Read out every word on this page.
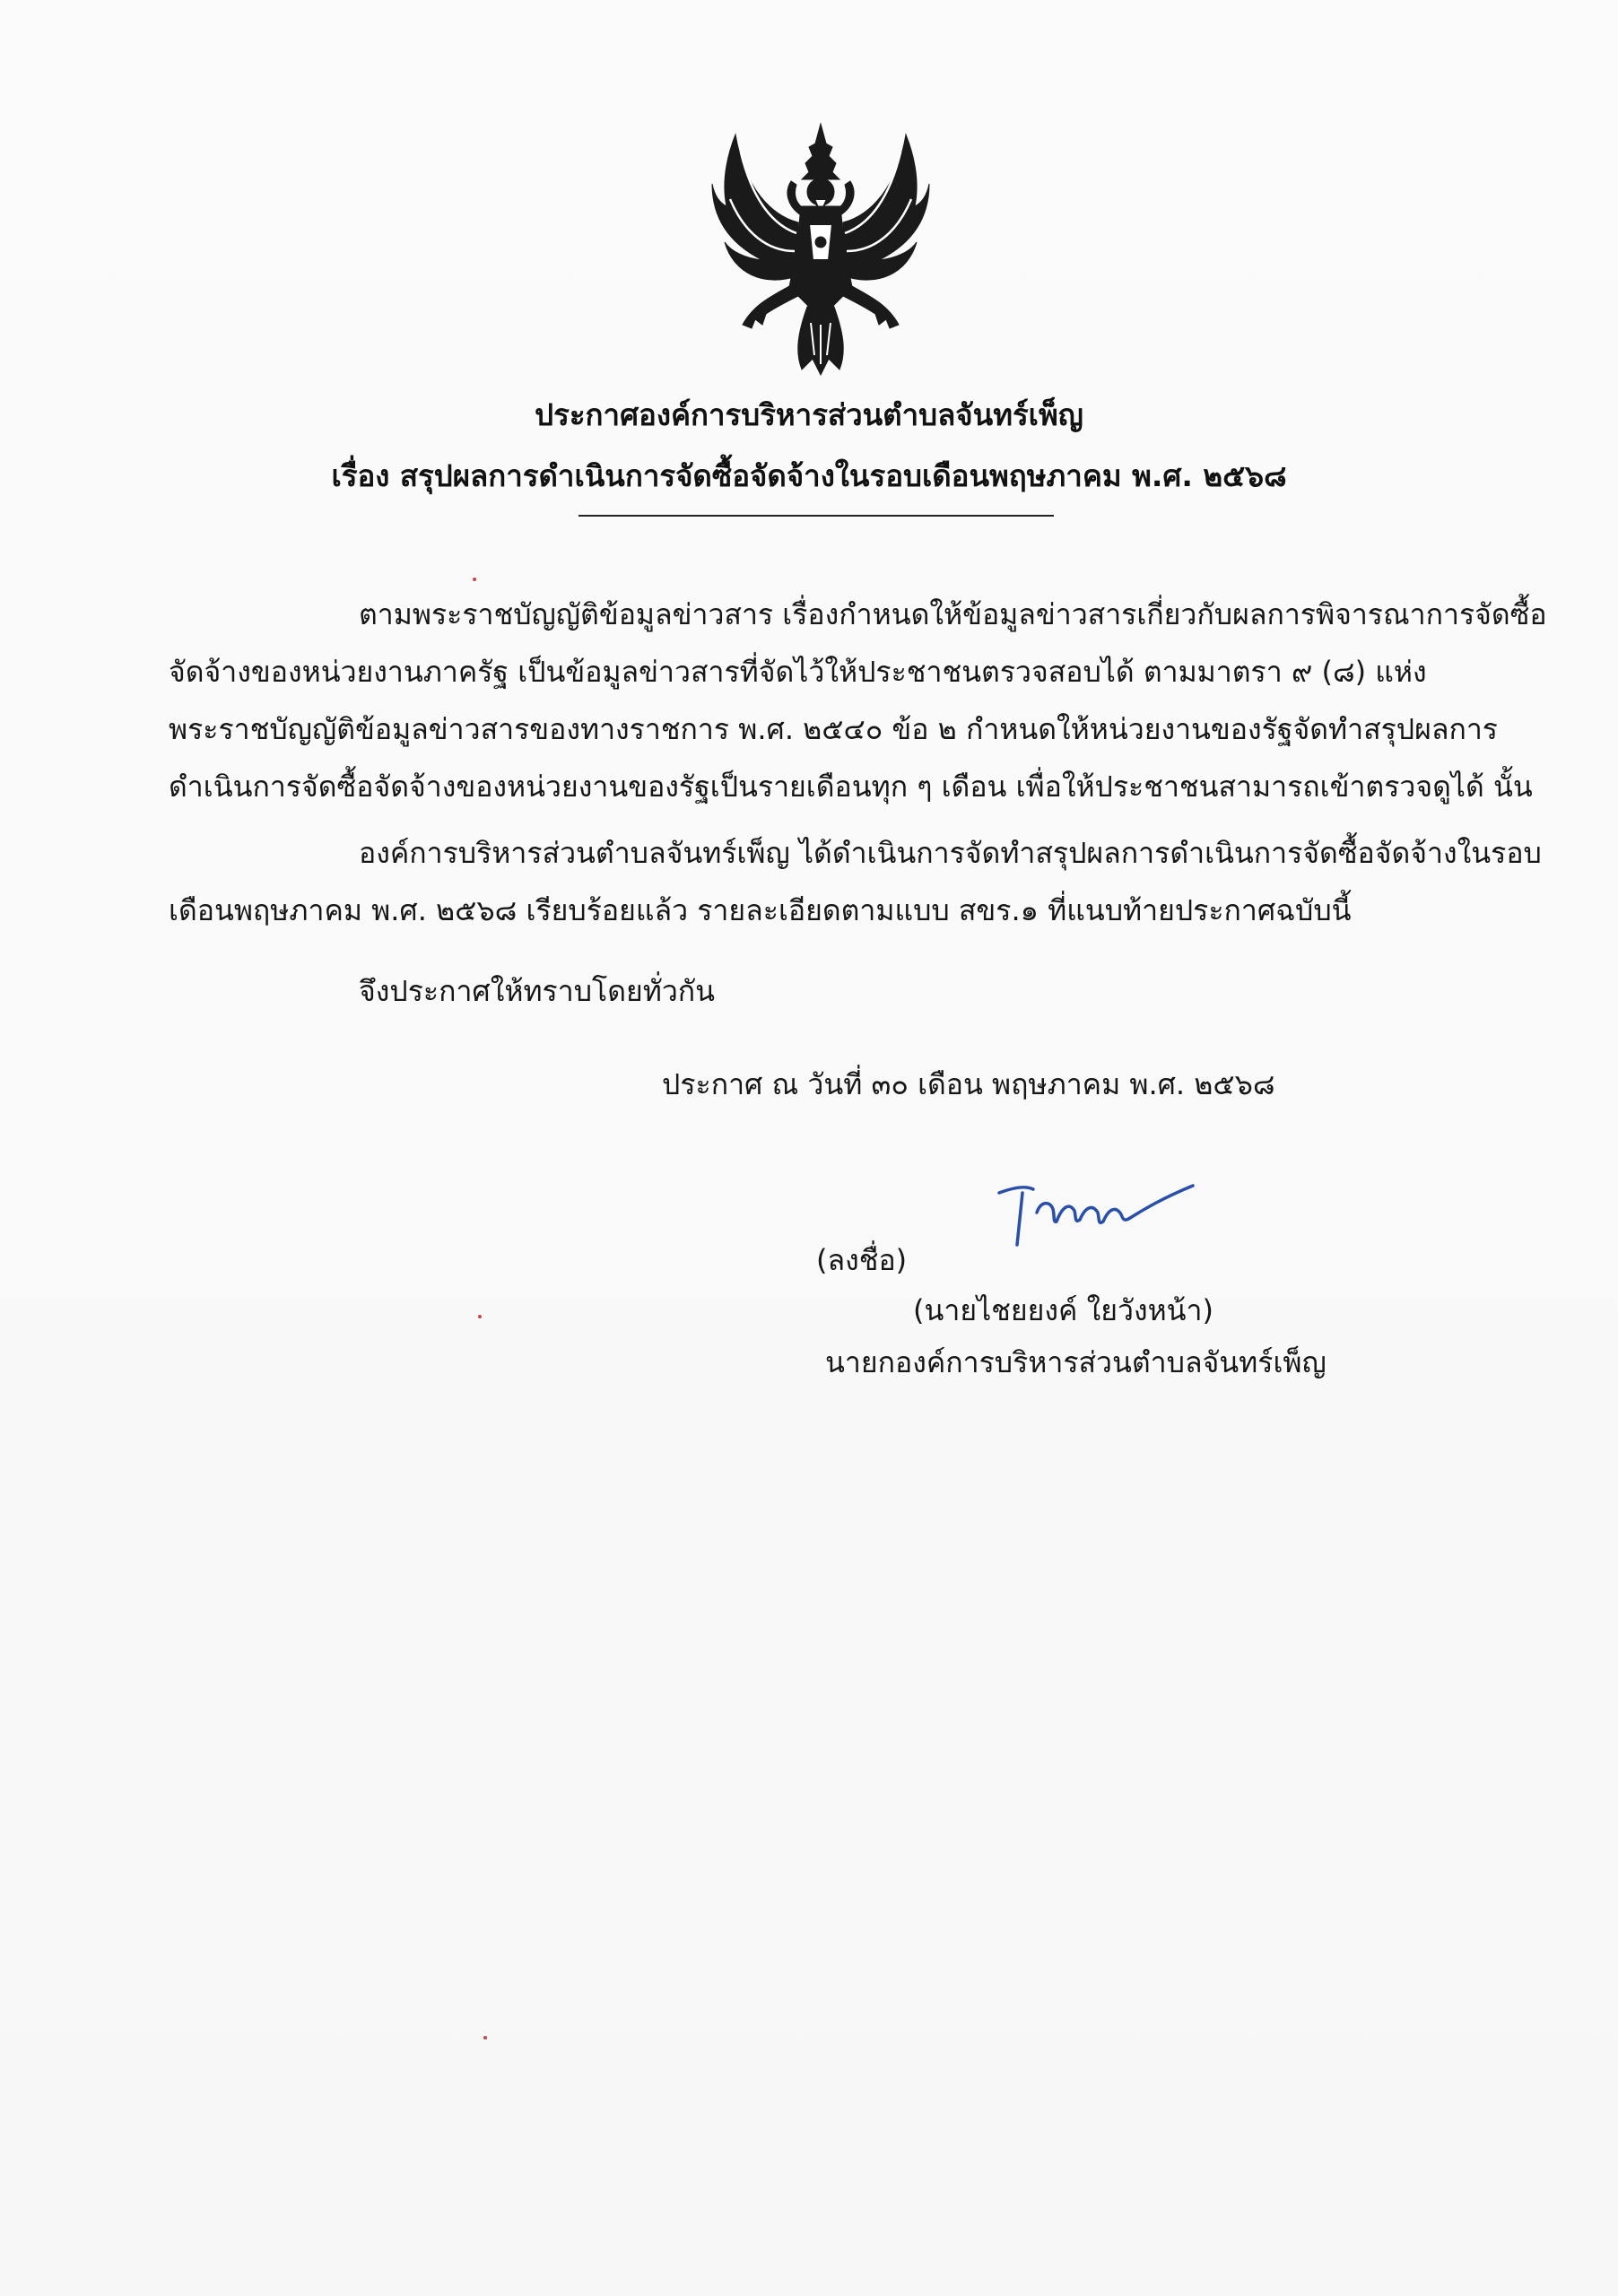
ประกาศองค์การบริหารส่วนตำบลจันทร์เพ็ญ
เรื่อง สรุปผลการดำเนินการจัดซื้อจัดจ้างในรอบเดือนพฤษภาคม พ.ศ. ๒๕๖๘
ตามพระราชบัญญัติข้อมูลข่าวสาร เรื่องกำหนดให้ข้อมูลข่าวสารเกี่ยวกับผลการพิจารณาการจัดซื้อ
จัดจ้างของหน่วยงานภาครัฐ เป็นข้อมูลข่าวสารที่จัดไว้ให้ประชาชนตรวจสอบได้ ตามมาตรา ๙ (๘) แห่ง
พระราชบัญญัติข้อมูลข่าวสารของทางราชการ พ.ศ. ๒๕๔๐ ข้อ ๒ กำหนดให้หน่วยงานของรัฐจัดทำสรุปผลการ
ดำเนินการจัดซื้อจัดจ้างของหน่วยงานของรัฐเป็นรายเดือนทุก ๆ เดือน เพื่อให้ประชาชนสามารถเข้าตรวจดูได้ นั้น
องค์การบริหารส่วนตำบลจันทร์เพ็ญ ได้ดำเนินการจัดทำสรุปผลการดำเนินการจัดซื้อจัดจ้างในรอบ
เดือนพฤษภาคม พ.ศ. ๒๕๖๘ เรียบร้อยแล้ว รายละเอียดตามแบบ สขร.๑ ที่แนบท้ายประกาศฉบับนี้
จึงประกาศให้ทราบโดยทั่วกัน
ประกาศ ณ วันที่ ๓๐ เดือน พฤษภาคม พ.ศ. ๒๕๖๘
(ลงชื่อ)
(นายไชยยงค์ ใยวังหน้า)
นายกองค์การบริหารส่วนตำบลจันทร์เพ็ญ
